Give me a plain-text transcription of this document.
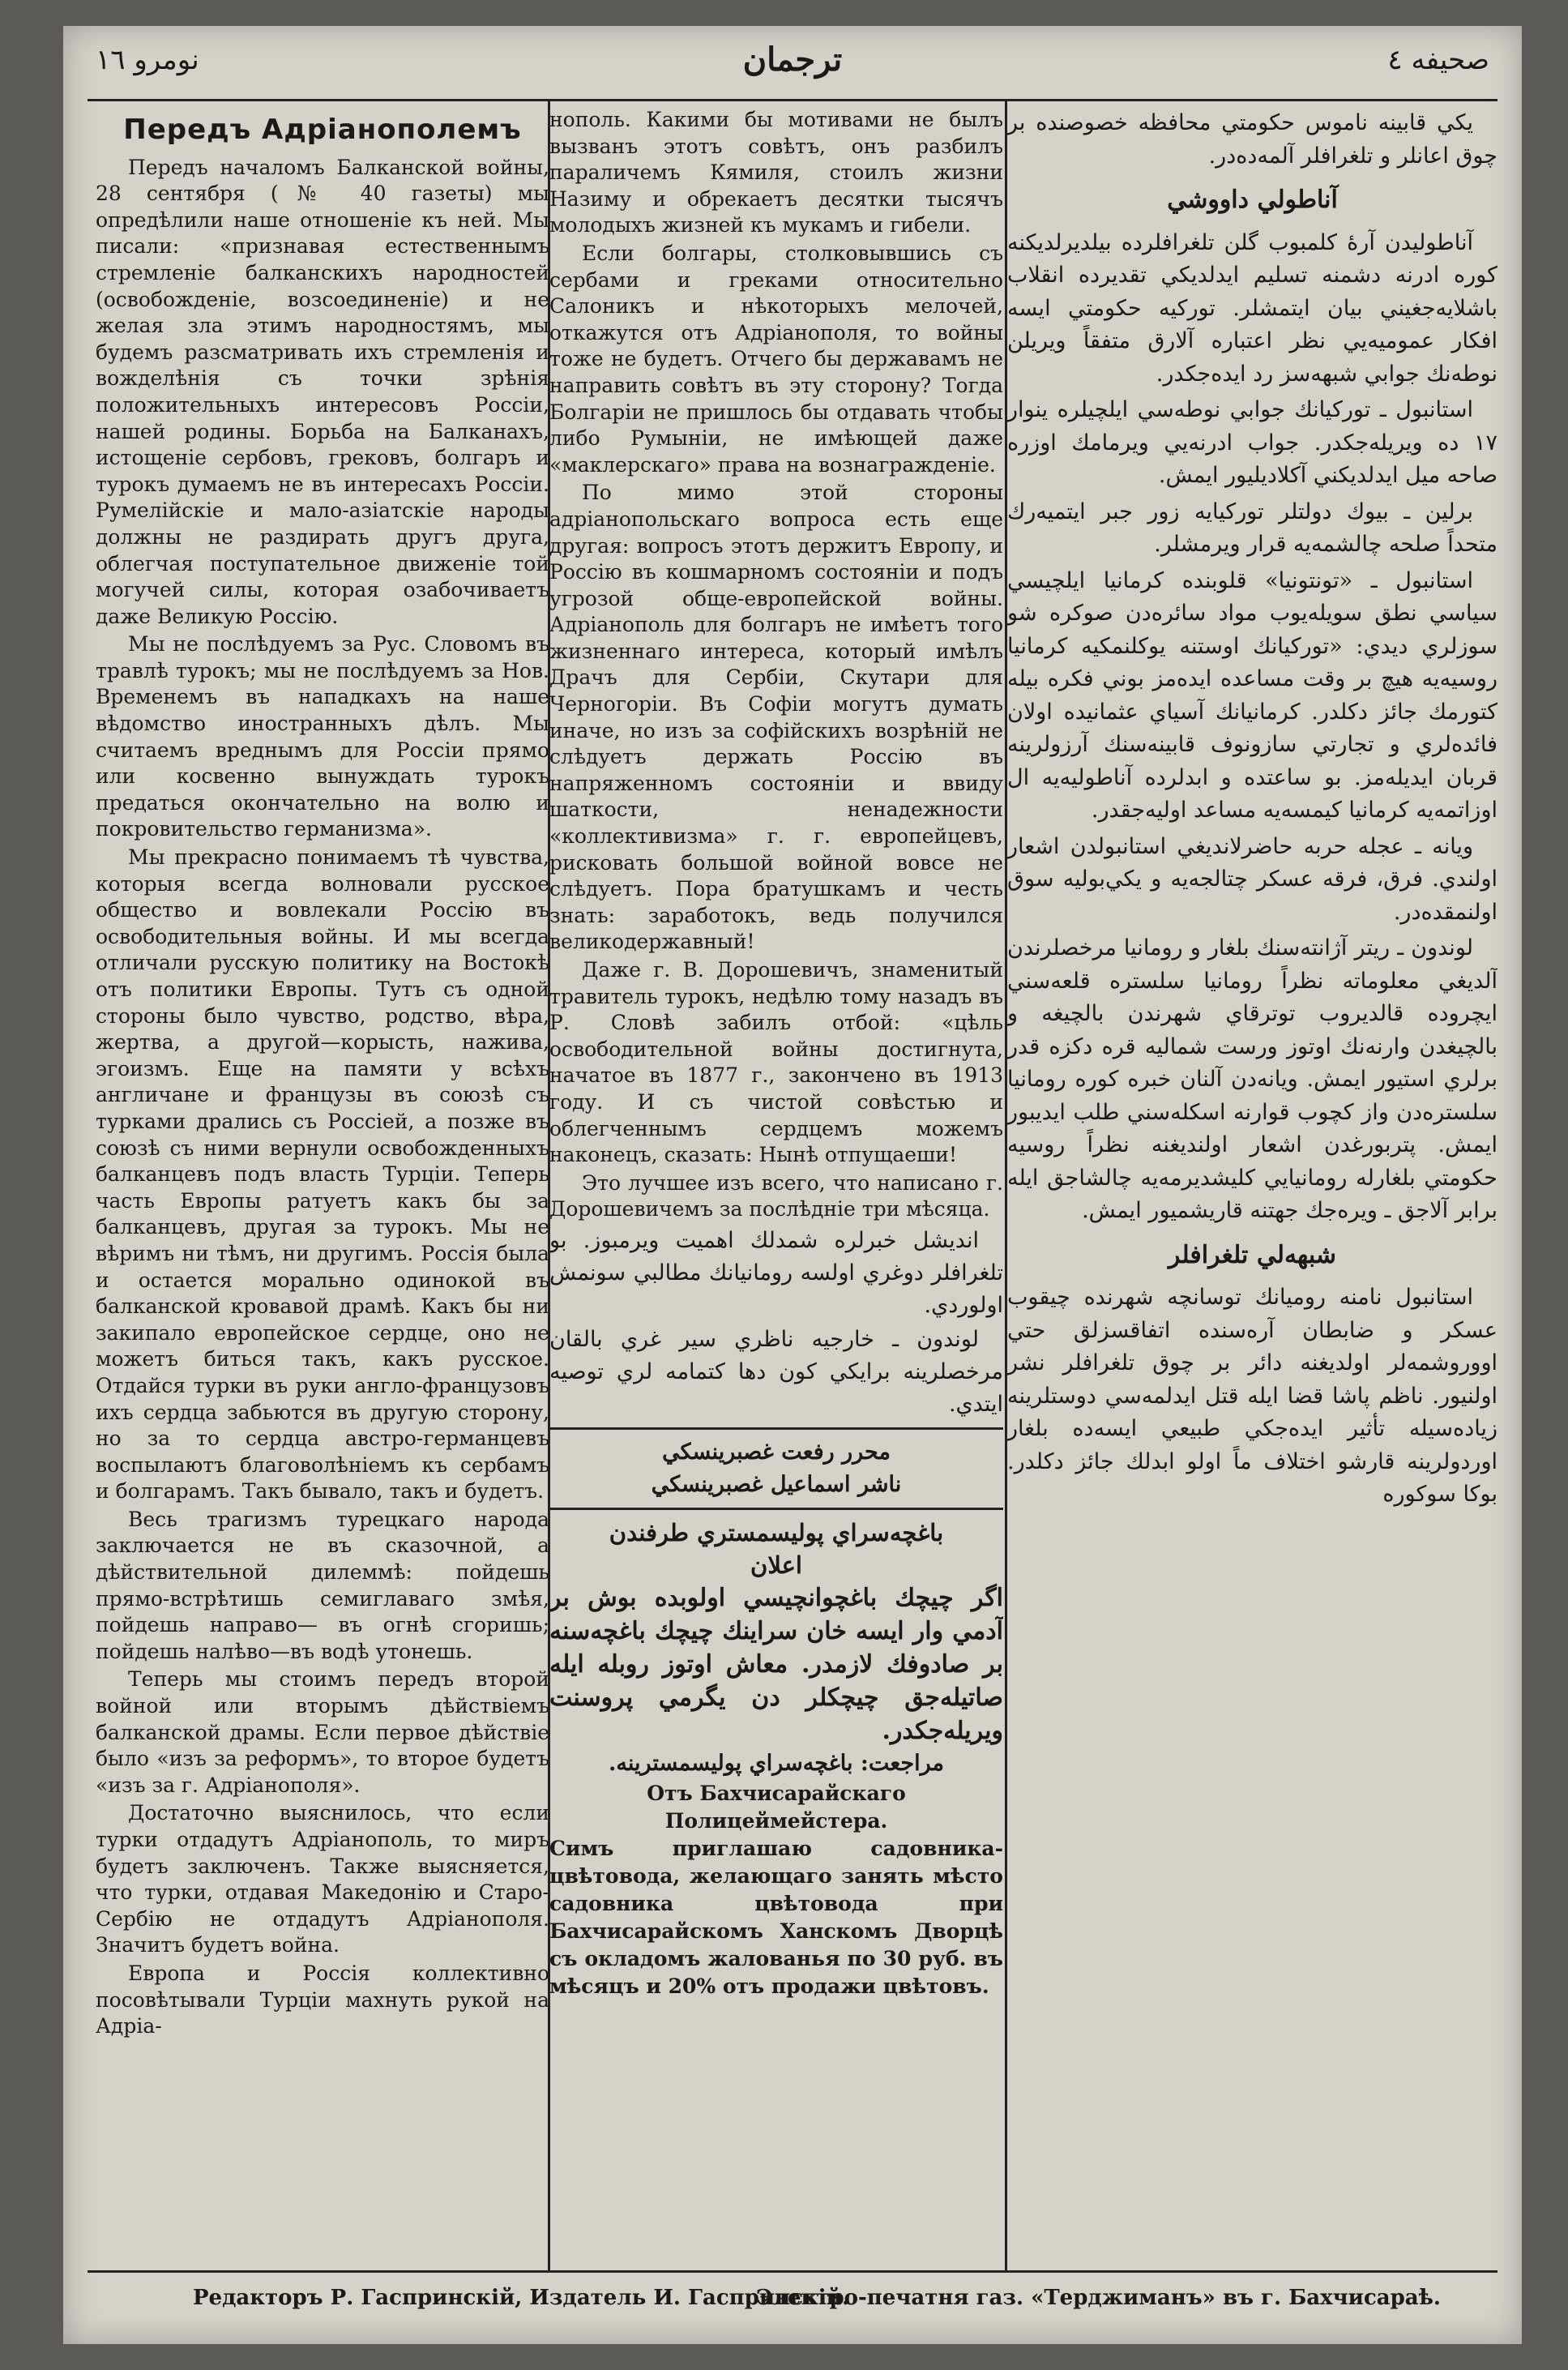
نومرو ١٦	ترجمان	صحيفه ٤
Передъ Адріанополемъ

Передъ началомъ Балканской войны, 28 сентября (№ 40 газеты) мы опредѣлили наше отношеніе къ ней. Мы писали: «признавая естественнымъ стремленіе балканскихъ народностей (освобожденіе, возсоединеніе) и не желая зла этимъ народностямъ, мы будемъ разсматривать ихъ стремленія и вожделѣнія съ точки зрѣнія положительныхъ интересовъ Россіи, нашей родины. Борьба на Балканахъ, истощеніе сербовъ, грековъ, болгаръ и турокъ думаемъ не въ интересахъ Россіи. Румелійскіе и мало-азіатскіе народы должны не раздирать другъ друга, облегчая поступательное движеніе той могучей силы, которая озабочиваетъ даже Великую Россію.

Мы не послѣдуемъ за Рус. Словомъ въ травлѣ турокъ; мы не послѣдуемъ за Нов. Временемъ въ нападкахъ на наше вѣдомство иностранныхъ дѣлъ. Мы считаемъ вреднымъ для Россіи прямо или косвенно вынуждать турокъ предаться окончательно на волю и покровительство германизма».

Мы прекрасно понимаемъ тѣ чувства, которыя всегда волновали русское общество и вовлекали Россію въ освободительныя войны. И мы всегда отличали русскую политику на Востокѣ отъ политики Европы. Тутъ съ одной стороны было чувство, родство, вѣра, жертва, а другой—корысть, нажива, эгоизмъ. Еще на памяти у всѣхъ англичане и французы въ союзѣ съ турками дрались съ Россіей, а позже въ союзѣ съ ними вернули освобожденныхъ балканцевъ подъ власть Турціи. Теперь часть Европы ратуетъ какъ бы за балканцевъ, другая за турокъ. Мы не вѣримъ ни тѣмъ, ни другимъ. Россія была и остается морально одинокой въ балканской кровавой драмѣ. Какъ бы ни закипало европейское сердце, оно не можетъ биться такъ, какъ русское. Отдайся турки въ руки англо-французовъ ихъ сердца забьются въ другую сторону, но за то сердца австро-германцевъ воспылаютъ благоволѣніемъ къ сербамъ и болгарамъ. Такъ бывало, такъ и будетъ.

Весь трагизмъ турецкаго народа заключается не въ сказочной, а дѣйствительной дилеммѣ: пойдешь прямо-встрѣтишь семиглаваго змѣя, пойдешь направо— въ огнѣ сгоришь; пойдешь налѣво—въ водѣ утонешь.

Теперь мы стоимъ передъ второй войной или вторымъ дѣйствіемъ балканской драмы. Если первое дѣйствіе было «изъ за реформъ», то второе будетъ «изъ за г. Адріанополя».

Достаточно выяснилось, что если турки отдадутъ Адріанополь, то миръ будетъ заключенъ. Также выясняется, что турки, отдавая Македонію и Старо-Сербію не отдадутъ Адріанополя. Значитъ будетъ война.

Европа и Россія коллективно посовѣтывали Турціи махнуть рукой на Адріа-

нополь. Какими бы мотивами не былъ вызванъ этотъ совѣтъ, онъ разбилъ параличемъ Кямиля, стоилъ жизни Назиму и обрекаетъ десятки тысячъ молодыхъ жизней къ мукамъ и гибели.

Если болгары, столковывшись съ сербами и греками относительно Салоникъ и нѣкоторыхъ мелочей, откажутся отъ Адріанополя, то войны тоже не будетъ. Отчего бы державамъ не направить совѣтъ въ эту сторону? Тогда Болгаріи не пришлось бы отдавать чтобы либо Румыніи, не имѣющей даже «маклерскаго» права на вознагражденіе.

По мимо этой стороны адріанопольскаго вопроса есть еще другая: вопросъ этотъ держитъ Европу, и Россію въ кошмарномъ состояніи и подъ угрозой обще-европейской войны. Адріанополь для болгаръ не имѣетъ того жизненнаго интереса, который имѣлъ Драчъ для Сербіи, Скутари для Черногоріи. Въ Софіи могутъ думать иначе, но изъ за софійскихъ возрѣній не слѣдуетъ держать Россію въ напряженномъ состояніи и ввиду шаткости, ненадежности «коллективизма» г. г. европейцевъ, рисковать большой войной вовсе не слѣдуетъ. Пора братушкамъ и честь знать: заработокъ, ведь получился великодержавный!

Даже г. В. Дорошевичъ, знаменитый травитель турокъ, недѣлю тому назадъ въ Р. Словѣ забилъ отбой: «цѣль освободительной войны достигнута, начатое въ 1877 г., закончено въ 1913 году. И съ чистой совѣстью и облегченнымъ сердцемъ можемъ наконецъ, сказать: Нынѣ отпущаеши!

Это лучшее изъ всего, что написано г. Дорошевичемъ за послѣдніе три мѣсяца.

انديشل خبرلره شمدلك اهميت ويرمبوز. بو تلغرافلر دوغري اولسه رومانيانك مطالبي سونمش اولوردي.

لوندون ـ خارجيه ناظري سير غري بالقان مرخصلرينه برايكي كون دها كتمامه لري توصيه ايتدي.

محرر رفعت غصبرينسكي
ناشر اسماعيل غصبرينسكي
باغچه‌سراي پوليسمستري طرفندن
اعلان
اگر چيچك باغچوانچيسي اولوبده بوش بر آدمي وار ايسه خان سراينك چيچك باغچه‌سنه بر صادوفك لازمدر. معاش اوتوز روبله ايله صاتيله‌جق چيچكلر دن يگرمي پروسنت ويريله‌جكدر.
مراجعت: باغچه‌سراي پوليسمسترينه.
Отъ Бахчисарайскаго Полицеймейстера.
Симъ приглашаю садовника-цвѣтовода, желающаго занять мѣсто садовника цвѣтовода при Бахчисарайскомъ Ханскомъ Дворцѣ съ окладомъ жалованья по 30 руб. въ мѣсяцъ и 20% отъ продажи цвѣтовъ.

يكي قابينه ناموس حكومتي محافظه خصوصنده بر چوق اعانلر و تلغرافلر آلمه‌ده‌در.

آناطولي داووشي

آناطوليدن آرهٔ كلمبوب گلن تلغرافلرده بيلديرلديكنه كوره ادرنه دشمنه تسليم ايدلديكي تقديرده انقلاب باشلايه‌جغيني بيان ايتمشلر. توركيه حكومتي ايسه افكار عموميه‌يي نظر اعتباره آلارق متفقاً ويريلن نوطه‌نك جوابي شبهه‌سز رد ايده‌جكدر.

استانبول ـ توركيانك جوابي نوطه‌سي ايلچيلره ينوار ١٧ ده ويريله‌جكدر. جواب ادرنه‌يي ويرمامك اوزره صاحه ميل ايدلديكني آكلاديليور ايمش.

برلين ـ بيوك دولتلر توركيايه زور جبر ايتميه‌رك متحداً صلحه چالشمه‌يه قرار ويرمشلر.

استانبول ـ «تونتونيا» قلوبنده كرمانيا ايلچيسي سياسي نطق سويله‌يوب مواد سائره‌دن صوكره شو سوزلري ديدي: «توركيانك اوستنه يوكلنمكيه كرمانيا روسيه‌يه هيچ بر وقت مساعده ايده‌مز بوني فكره بيله كتورمك جائز دكلدر. كرمانيانك آسياي عثمانيده اولان فائده‌لري و تجارتي سازونوف قابينه‌سنك آرزولرينه قربان ايديله‌مز. بو ساعتده و ابدلرده آناطوليه‌يه ال اوزاتمه‌يه كرمانيا كيمسه‌يه مساعد اوليه‌جقدر.

ويانه ـ عجله حربه حاضرلانديغي استانبولدن اشعار اولندي. فرق، فرقه عسكر چتالجه‌يه و يكي‌بوليه سوق اولنمقده‌در.

لوندون ـ ريتر آژانته‌سنك بلغار و رومانيا مرخصلرندن آلديغي معلوماته نظراً رومانيا سلستره قلعه‌سني ايچروده قالديروب توترقاي شهرندن بالچيغه و بالچيغدن وارنه‌نك اوتوز ورست شماليه قره دكزه قدر برلري استيور ايمش. ويانه‌دن آلنان خبره كوره رومانيا سلستره‌دن واز كچوب قوارنه اسكله‌سني طلب ايديبور ايمش. پتربورغدن اشعار اولنديغنه نظراً روسيه حكومتي بلغارله رومانيايي كليشديرمه‌يه چالشاجق ايله برابر آلاجق ـ ويره‌جك جهتنه قاريشميور ايمش.

شبهه‌لي تلغرافلر

استانبول نامنه روميانك توسانچه شهرنده چيقوب عسكر و ضابطان آره‌سنده اتفاقسزلق حتي اووروشمه‌لر اولديغنه دائر بر چوق تلغرافلر نشر اولنيور. ناظم پاشا قضا ايله قتل ايدلمه‌سي دوستلرينه زياده‌سيله تأثير ايده‌جكي طبيعي ايسه‌ده بلغار اوردولرينه قارشو اختلاف ماً اولو ابدلك جائز دكلدر. بوكا سوكوره

Редакторъ Р. Гаспринскій, Издатель И. Гаспринскій.
Электро-печатня газ. «Терджиманъ» въ г. Бахчисараѣ.
